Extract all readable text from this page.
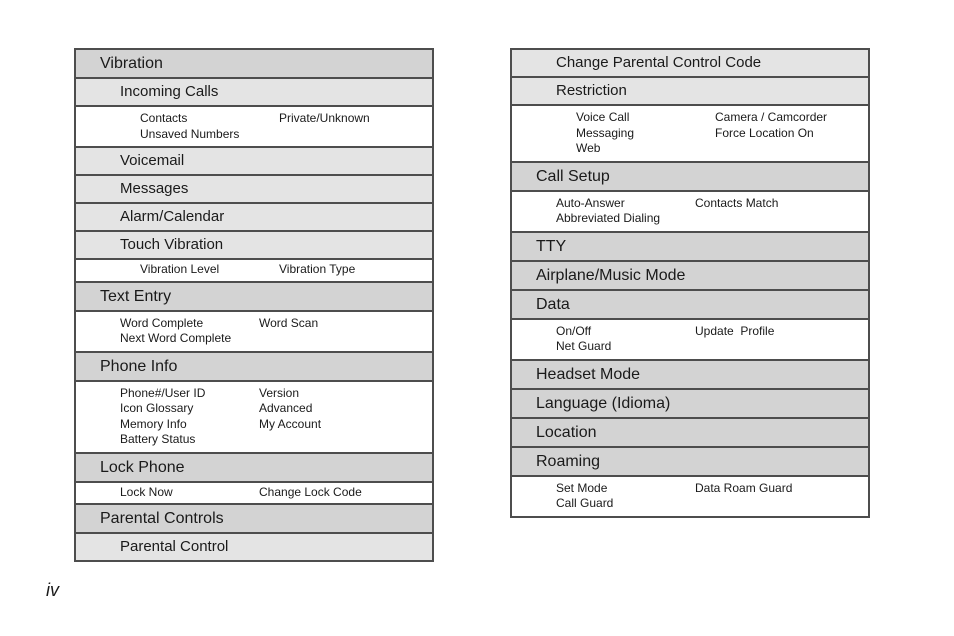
Vibration
Incoming Calls
Contacts	Private/Unknown
Unsaved Numbers
Voicemail
Messages
Alarm/Calendar
Touch Vibration
Vibration Level	Vibration Type
Text Entry
Word Complete	Word Scan
Next Word Complete
Phone Info
Phone#/User ID	Version
Icon Glossary	Advanced
Memory Info	My Account
Battery Status
Lock Phone
Lock Now	Change Lock Code
Parental Controls
Parental Control
Change Parental Control Code
Restriction
Voice Call	Camera / Camcorder
Messaging	Force Location On
Web
Call Setup
Auto-Answer	Contacts Match
Abbreviated Dialing
TTY
Airplane/Music Mode
Data
On/Off	Update  Profile
Net Guard
Headset Mode
Language (Idioma)
Location
Roaming
Set Mode	Data Roam Guard
Call Guard
iv
